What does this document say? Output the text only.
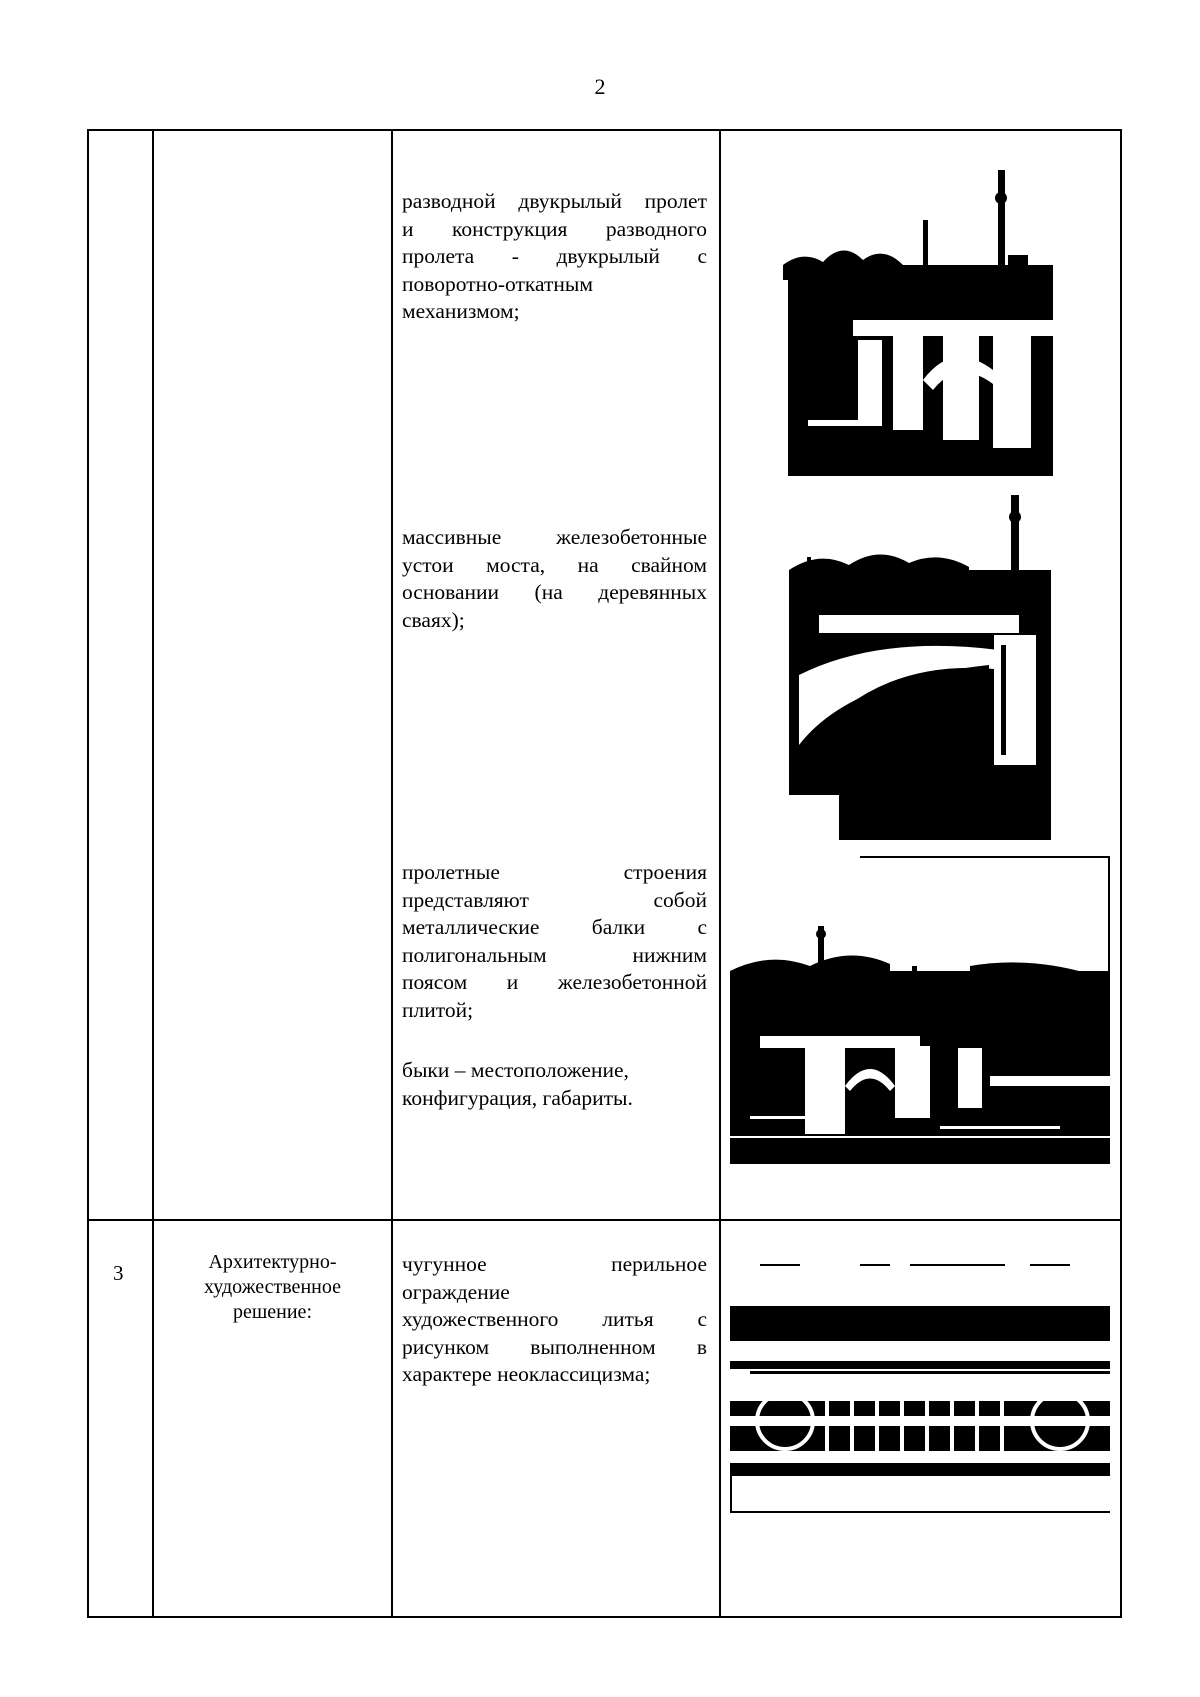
2
разводной двукрылый пролет
и конструкция разводного
пролета - двукрылый с
поворотно-откатным
механизмом;
массивные железобетонные
устои моста, на свайном
основании (на деревянных
сваях);
пролетные строения
представляют собой
металлические балки с
полигональным нижним
поясом и железобетонной
плитой;
быки – местоположение,
конфигурация, габариты.
3	Архитектурно-
художественное
решение:
чугунное перильное
ограждение
художественного литья с
рисунком выполненном в
характере неоклассицизма;
